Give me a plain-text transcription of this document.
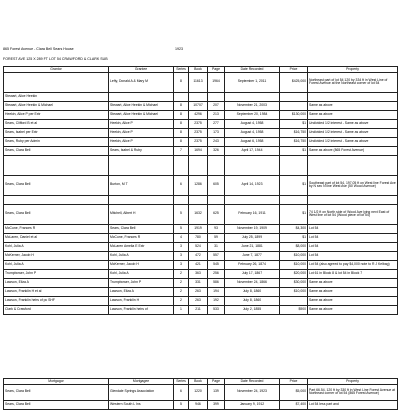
865 Forest Avenue - Clara Bell Sears House	1923
FOREST AVE 125 X 289 FT LOT 54 CRAWFORD & CLARK SUB
Grantor	Grantee	Series	Book	Page	Date Recorded	Price	Property
	Lefty, Donald A & Mary M	8	11613	1964	September 1, 2011	$425,000	Northeast part of lot 54 120 by 334 ft in West Line of Forest Avenue at the Northeast corner of lot 54
Stewart, Alice Heekin							
Stewart, Alice Heekin & Michael	Stewart, Alice Heekin & Michael	8	10707	207	November 21, 2003		Same as above
Heekin, Alice P per Extr	Stewart, Alice Heekin & Michael	8	4296	213	September 20, 1984	$130,000	Same as above
Sears, Clifford B et al	Heekin, Alice P	8	2375	277	August 4, 1958	$1	Undivided 1/2 interest - Same as above
Sears, Isabel per Extr	Heekin, Alice P	8	2375	173	August 4, 1958	$16,750	Undivided 1/2 interest - Same as above
Sears, Ruby per Admin	Heekin, Alice P	8	2375	243	August 6, 1958	$16,750	Undivided 1/2 interest - Same as above
Sears, Clara Bell	Sears, Isabel & Ruby	7	1694	326	April 17, 1944	$1	Same as above (865 Forest Avenue)

Sears, Clara Bell	Burton, M T	6	1286	605	April 14, 1923	$1	Southeast part of lot 54, 197.05 ft on West line Forest Ave by N sec N line West Ave (50 Wood Avenue)

Sears, Clara Bell	Mitchell, Albert H	5	1632	625	February 16, 1911	$1	74 1/2 ft on North side of Wood Ave lying next East of West line of lot 54 (Wood piece of lot 54)
McCune, Frances R	Sears, Clara Bell	5	1919	93	November 19, 1909	$4,300	Lot 54
McLaren, Daniel et al	McCune, Frances R	4	780	59	July 25, 1899	$1	Lot 54
Kohl, Julia A	McLaren Amelia E Extr	3	524	31	June 21, 1881	$8,000	Lot 54
McKerner, Jacob H	Kohl, Julia A	3	472	557	June 7, 1877	$10,000	Lot 54
Kohl, Julia A	McKerner, Jacob H	3	421	545	February 26, 1874	$10,000	Lot 54 (also agreed to pay $4,000 note to R J Kelbag)
Trumpbower, John P	Kohl, Julia A	2	363	256	July 17, 1867	$20,000	Lot 61 in Block 8 & lot 54 in Block 7
Lawson, Eliza A	Trumpbower, John P	2	331	586	November 24, 1866	$30,000	Same as above
Lawson, Franklin H et al	Lawson, Eliza A	2	263	194	July 8, 1860	$10,000	Same as above
Lawson, Franklin heirs of pc SHF	Lawson, Franklin H	2	263	192	July 8, 1860		Same as above
Clark & Crawford	Lawson, Franklin heirs of	1	211	533	July 2, 1855	$900	Same as above
Mortgagor	Mortgagee	Series	Book	Page	Date Recorded	Price	Property
Sears, Clara Bell	Glendale Springs Association	6	1220	139	November 24, 1923	$5,000	Part 66.54, 120 ft by 330 ft in West Line Forest Avenue at Northeast corner of lot 54 (865 Forest Avenue)
Sears, Clara Bell	Western South L Ins	5	946	399	January 9, 1912	$7,400	Lot 54 less part and
